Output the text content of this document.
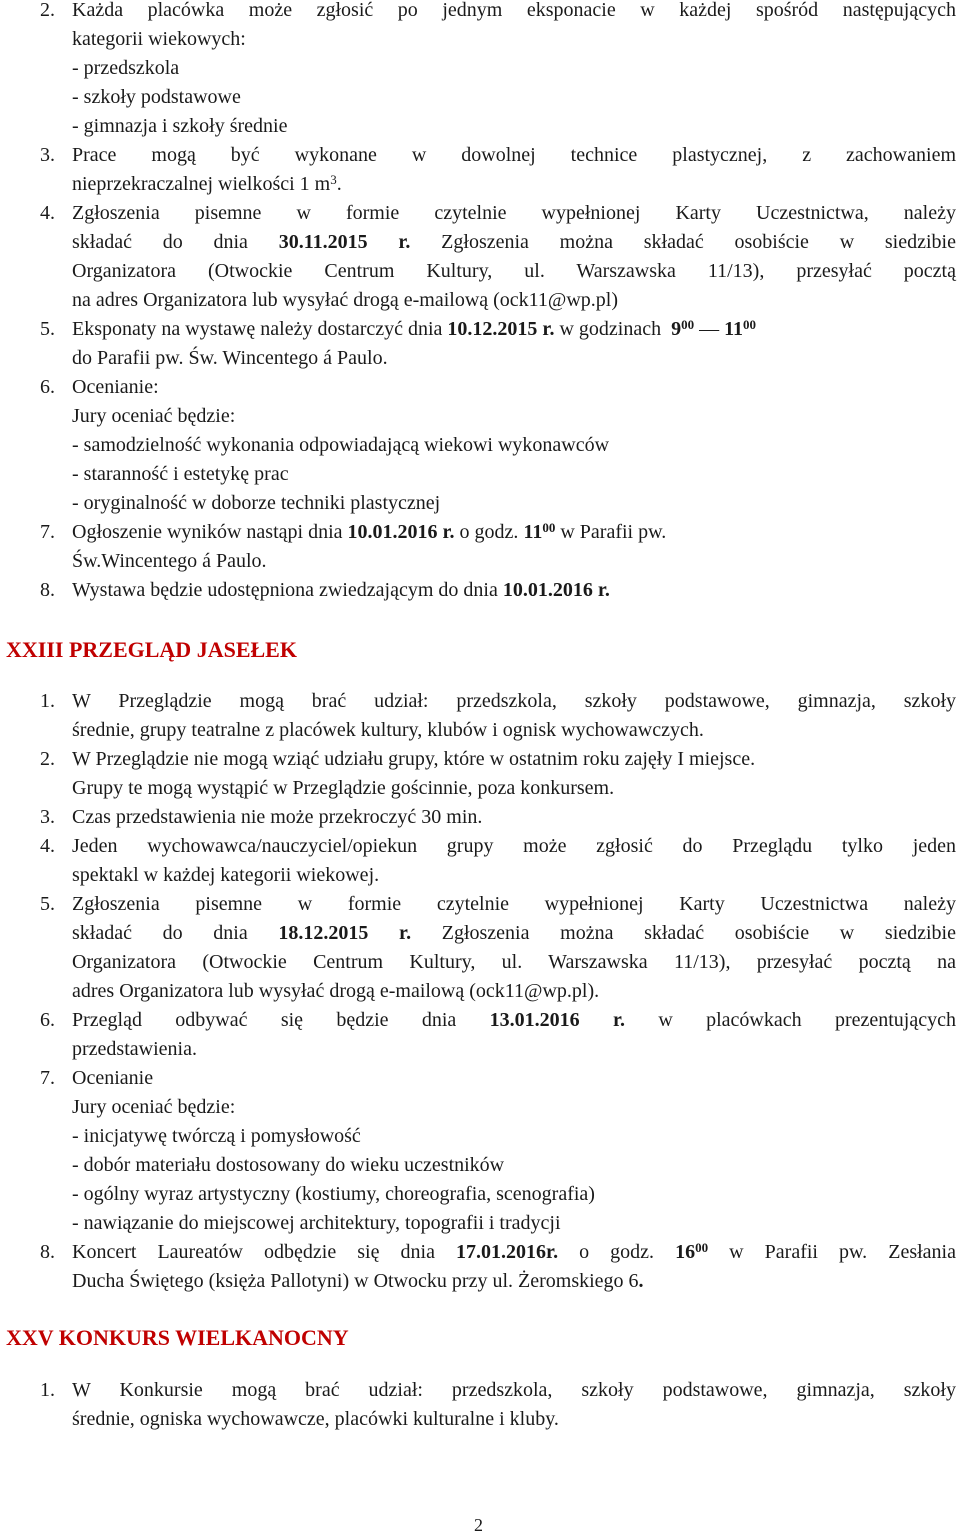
2. Każda placówka może zgłosić po jednym eksponacie w każdej spośród następujących
kategorii wiekowych:
- przedszkola
- szkoły podstawowe
- gimnazja i szkoły średnie
3. Prace mogą być wykonane w dowolnej technice plastycznej, z zachowaniem
nieprzekraczalnej wielkości 1 $m^3$.
4. Zgłoszenia pisemne w formie czytelnie wypełnionej Karty Uczestnictwa, należy
składać do dnia 30.11.2015 r. Zgłoszenia można składać osobiście w siedzibie
Organizatora (Otwockie Centrum Kultury, ul. Warszawska 11/13), przesyłać pocztą
na adres Organizatora lub wysyłać drogą e-mailową (ock11@wp.pl)
5. Eksponaty na wystawę należy dostarczyć dnia 10.12.2015 r. w godzinach  $9^{00}$ — $11^{00}$
do Parafii pw. Św. Wincentego á Paulo.
6. Ocenianie:
Jury oceniać będzie:
- samodzielność wykonania odpowiadającą wiekowi wykonawców
- staranność i estetykę prac
- oryginalność w doborze techniki plastycznej
7. Ogłoszenie wyników nastąpi dnia 10.01.2016 r. o godz. $11^{00}$ w Parafii pw.
Św.Wincentego á Paulo.
8. Wystawa będzie udostępniona zwiedzającym do dnia 10.01.2016 r.
XXIII PRZEGLĄD JASEŁEK
1. W Przeglądzie mogą brać udział: przedszkola, szkoły podstawowe, gimnazja, szkoły
średnie, grupy teatralne z placówek kultury, klubów i ognisk wychowawczych.
2. W Przeglądzie nie mogą wziąć udziału grupy, które w ostatnim roku zajęły I miejsce.
Grupy te mogą wystąpić w Przeglądzie gościnnie, poza konkursem.
3. Czas przedstawienia nie może przekroczyć 30 min.
4. Jeden wychowawca/nauczyciel/opiekun grupy może zgłosić do Przeglądu tylko jeden
spektakl w każdej kategorii wiekowej.
5. Zgłoszenia pisemne w formie czytelnie wypełnionej Karty Uczestnictwa należy
składać do dnia 18.12.2015 r. Zgłoszenia można składać osobiście w siedzibie
Organizatora (Otwockie Centrum Kultury, ul. Warszawska 11/13), przesyłać pocztą na
adres Organizatora lub wysyłać drogą e-mailową (ock11@wp.pl).
6. Przegląd odbywać się będzie dnia 13.01.2016 r. w placówkach prezentujących
przedstawienia.
7. Ocenianie
Jury oceniać będzie:
- inicjatywę twórczą i pomysłowość
- dobór materiału dostosowany do wieku uczestników
- ogólny wyraz artystyczny (kostiumy, choreografia, scenografia)
- nawiązanie do miejscowej architektury, topografii i tradycji
8. Koncert Laureatów odbędzie się dnia 17.01.2016r. o godz. $16^{00}$ w Parafii pw. Zesłania
Ducha Świętego (księża Pallotyni) w Otwocku przy ul. Żeromskiego 6.
XXV KONKURS WIELKANOCNY
1. W Konkursie mogą brać udział: przedszkola, szkoły podstawowe, gimnazja, szkoły
średnie, ogniska wychowawcze, placówki kulturalne i kluby.
2
